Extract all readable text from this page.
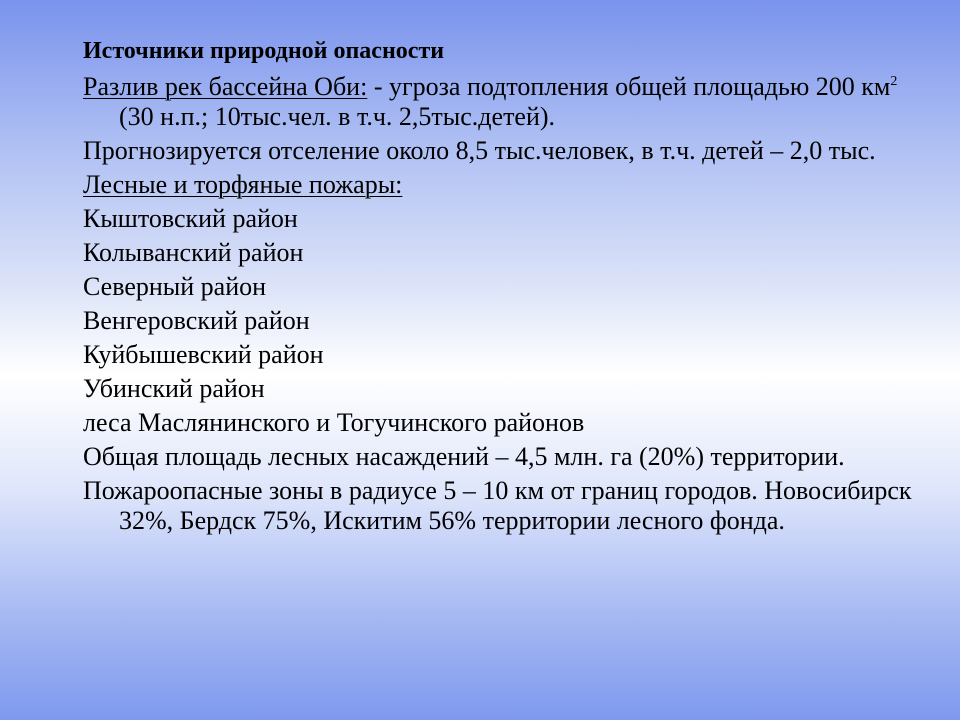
Источники природной опасности
Разлив рек бассейна Оби: - угроза подтопления общей площадью 200 $км^2$ (30 н.п.; 10тыс.чел. в т.ч. 2,5тыс.детей).
Прогнозируется отселение около 8,5 тыс.человек, в т.ч. детей – 2,0 тыс.
Лесные и торфяные пожары:
Кыштовский район
Колыванский район
Северный район
Венгеровский район
Куйбышевский район
Убинский район
леса Маслянинского и Тогучинского районов
Общая площадь лесных насаждений – 4,5 млн. га (20%) территории.
Пожароопасные зоны в радиусе 5 – 10 км от границ городов. Новосибирск 32%, Бердск 75%, Искитим 56% территории лесного фонда.
